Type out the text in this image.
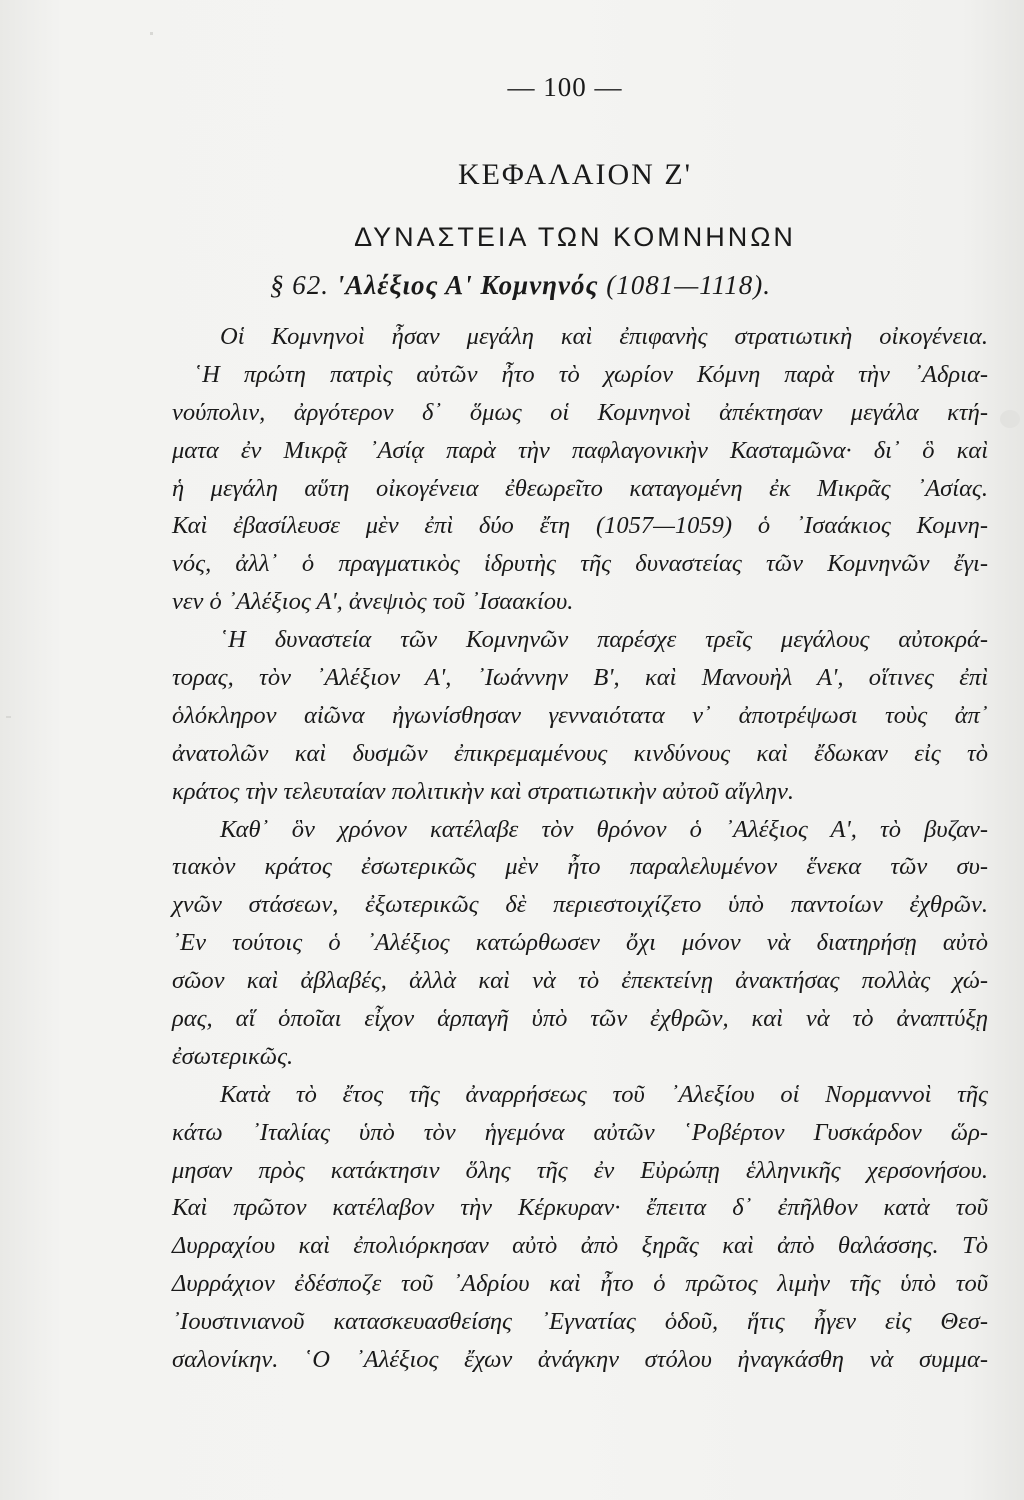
— 100 —
ΚΕΦΑΛΑΙΟΝ Ζ'
ΔΥΝΑΣΤΕΙΑ ΤΩΝ ΚΟΜΝΗΝΩΝ
§ 62. 'Αλέξιος Α' Κομνηνός (1081—1118).
Οἱ Κομνηνοὶ ἦσαν μεγάλη καὶ ἐπιφανὴς στρατιωτικὴ οἰκογένεια.
῾Η πρώτη πατρὶς αὐτῶν ἦτο τὸ χωρίον Κόμνη παρὰ τὴν ᾿Αδρια-
νούπολιν, ἀργότερον δ᾿ ὅμως οἱ Κομνηνοὶ ἀπέκτησαν μεγάλα κτή-
ματα ἐν Μικρᾷ ᾿Ασίᾳ παρὰ τὴν παφλαγονικὴν Κασταμῶνα· δι᾿ ὃ καὶ
ἡ μεγάλη αὕτη οἰκογένεια ἐθεωρεῖτο καταγομένη ἐκ Μικρᾶς ᾿Ασίας.
Καὶ ἐβασίλευσε μὲν ἐπὶ δύο ἔτη (1057—1059) ὁ ᾿Ισαάκιος Κομνη-
νός, ἀλλ᾿ ὁ πραγματικὸς ἱδρυτὴς τῆς δυναστείας τῶν Κομνηνῶν ἔγι-
νεν ὁ ᾿Αλέξιος Α', ἀνεψιὸς τοῦ ᾿Ισαακίου.
῾Η δυναστεία τῶν Κομνηνῶν παρέσχε τρεῖς μεγάλους αὐτοκρά-
τορας, τὸν ᾿Αλέξιον Α', ᾿Ιωάννην Β', καὶ Μανουὴλ Α', οἵτινες ἐπὶ
ὁλόκληρον αἰῶνα ἠγωνίσθησαν γενναιότατα ν᾿ ἀποτρέψωσι τοὺς ἀπ᾿
ἀνατολῶν καὶ δυσμῶν ἐπικρεμαμένους κινδύνους καὶ ἔδωκαν εἰς τὸ
κράτος τὴν τελευταίαν πολιτικὴν καὶ στρατιωτικὴν αὐτοῦ αἴγλην.
Καθ᾿ ὃν χρόνον κατέλαβε τὸν θρόνον ὁ ᾿Αλέξιος Α', τὸ βυζαν-
τιακὸν κράτος ἐσωτερικῶς μὲν ἦτο παραλελυμένον ἕνεκα τῶν συ-
χνῶν στάσεων, ἐξωτερικῶς δὲ περιεστοιχίζετο ὑπὸ παντοίων ἐχθρῶν.
᾿Εν τούτοις ὁ ᾿Αλέξιος κατώρθωσεν ὄχι μόνον νὰ διατηρήσῃ αὐτὸ
σῶον καὶ ἀβλαβές, ἀλλὰ καὶ νὰ τὸ ἐπεκτείνῃ ἀνακτήσας πολλὰς χώ-
ρας, αἵ ὁποῖαι εἶχον ἁρπαγῆ ὑπὸ τῶν ἐχθρῶν, καὶ νὰ τὸ ἀναπτύξῃ
ἐσωτερικῶς.
Κατὰ τὸ ἔτος τῆς ἀναρρήσεως τοῦ ᾿Αλεξίου οἱ Νορμαννοὶ τῆς
κάτω ᾿Ιταλίας ὑπὸ τὸν ἡγεμόνα αὐτῶν ῾Ροβέρτον Γυσκάρδον ὥρ-
μησαν πρὸς κατάκτησιν ὅλης τῆς ἐν Εὐρώπῃ ἑλληνικῆς χερσονήσου.
Καὶ πρῶτον κατέλαβον τὴν Κέρκυραν· ἔπειτα δ᾿ ἐπῆλθον κατὰ τοῦ
Δυρραχίου καὶ ἐπολιόρκησαν αὐτὸ ἀπὸ ξηρᾶς καὶ ἀπὸ θαλάσσης. Τὸ
Δυρράχιον ἐδέσποζε τοῦ ᾿Αδρίου καὶ ἦτο ὁ πρῶτος λιμὴν τῆς ὑπὸ τοῦ
᾿Ιουστινιανοῦ κατασκευασθείσης ᾿Εγνατίας ὁδοῦ, ἥτις ἦγεν εἰς Θεσ-
σαλονίκην. ῾Ο ᾿Αλέξιος ἔχων ἀνάγκην στόλου ἠναγκάσθη νὰ συμμα-
